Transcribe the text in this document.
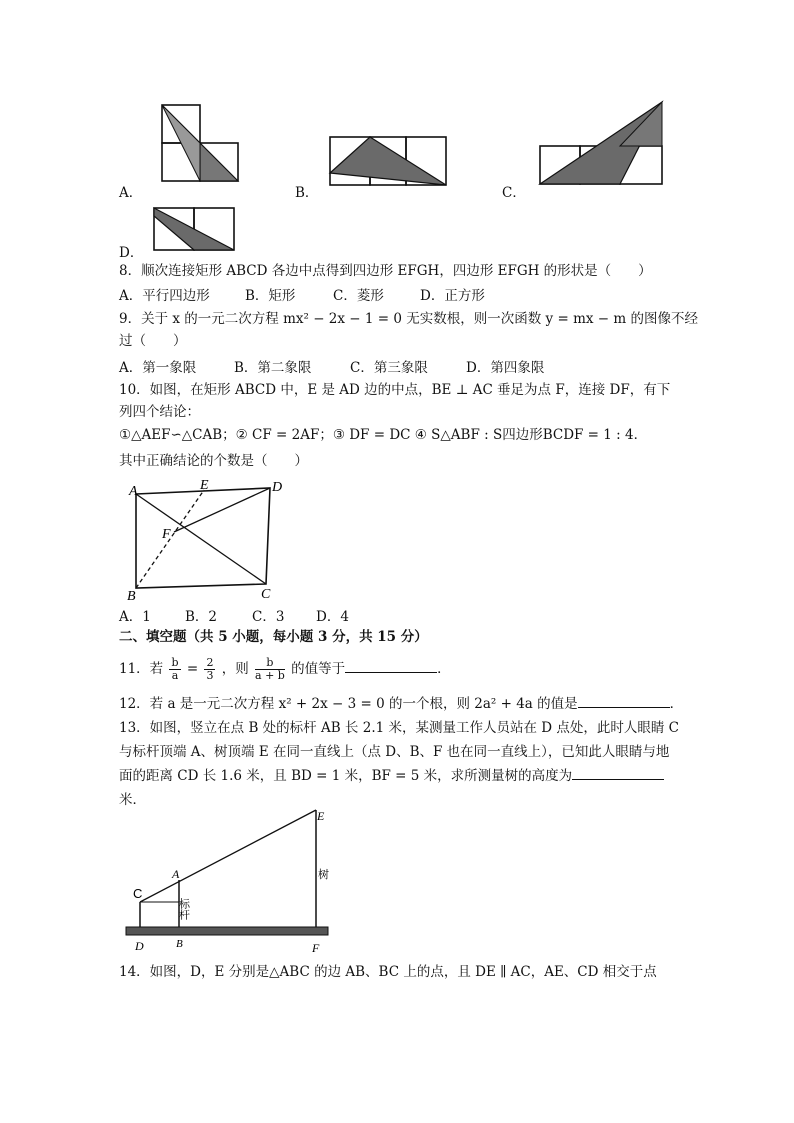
A．	B．	C．
D．
8．顺次连接矩形 ABCD 各边中点得到四边形 EFGH，四边形 EFGH 的形状是（　　）
A．平行四边形	B．矩形	C．菱形	D．正方形
9．关于 x 的一元二次方程 mx² − 2x − 1 = 0 无实数根，则一次函数 y = mx − m 的图像不经
过（　　）
A．第一象限	B．第二象限	C．第三象限	D．第四象限
10．如图，在矩形 ABCD 中，E 是 AD 边的中点，BE ⊥ AC 垂足为点 F，连接 DF，有下
列四个结论：
①△AEF∽△CAB；② CF = 2AF；③ DF = DC ④ S△ABF : S四边形BCDF = 1 : 4．
其中正确结论的个数是（　　）
A	E	D
F
B	C
A．1	B．2	C．3 D．4
二、填空题（共 5 小题，每小题 3 分，共 15 分）
11．若 $\frac{b}{a} = \frac{2}{3}$ ，则 $\frac{b}{a + b}$ 的值等于	．
12．若 a 是一元二次方程 x² + 2x − 3 = 0 的一个根，则 2a² + 4a 的值是	．
13．如图，竖立在点 B 处的标杆 AB 长 2.1 米，某测量工作人员站在 D 点处，此时人眼睛 C
与标杆顶端 A、树顶端 E 在同一直线上（点 D、B、F 也在同一直线上），已知此人眼睛与地
面的距离 CD 长 1.6 米，且 BD = 1 米，BF = 5 米，求所测量树的高度为
米．
C
A
E
标杆
树
D	B	F
14．如图，D，E 分别是△ABC 的边 AB、BC 上的点，且 DE ∥ AC，AE、CD 相交于点
